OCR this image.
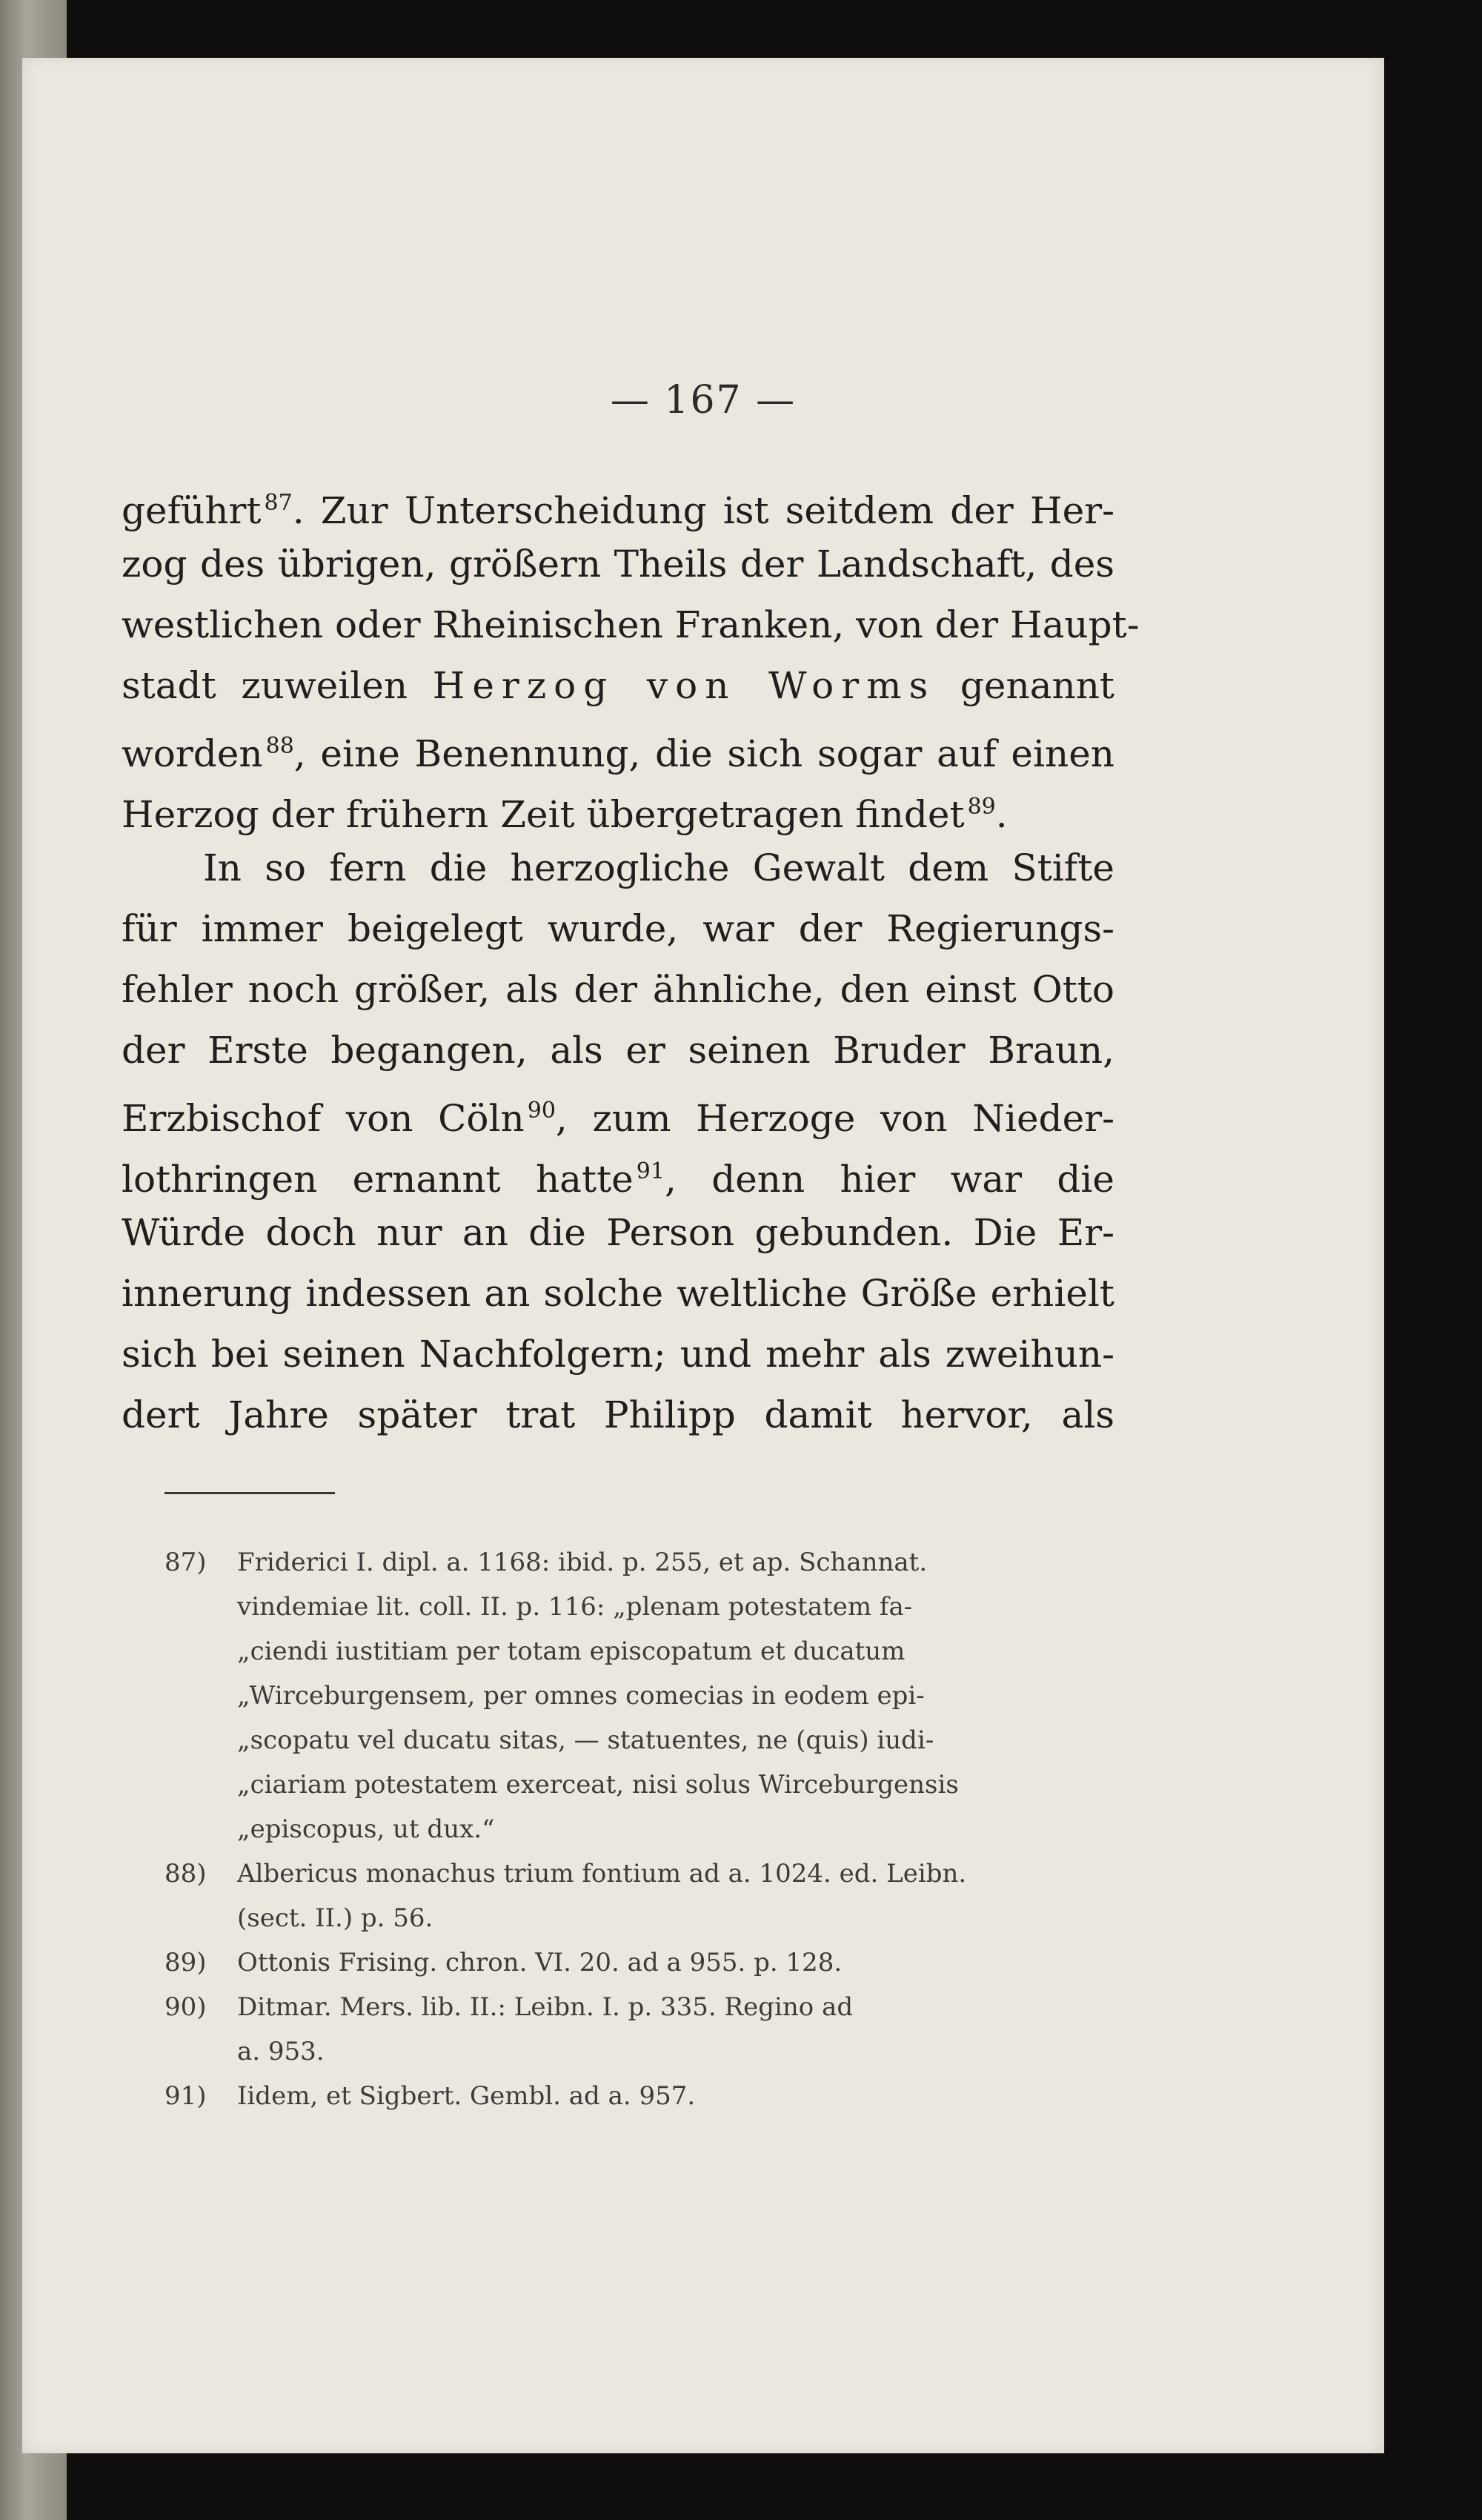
— 167 —
geführt $^{87}$. Zur Unterscheidung ist seitdem der Her-
zog des übrigen, größern Theils der Landschaft, des
westlichen oder Rheinischen Franken, von der Haupt-
stadt zuweilen Herzog von Worms genannt
worden $^{88}$, eine Benennung, die sich sogar auf einen
Herzog der frühern Zeit übergetragen findet $^{89}$.
In so fern die herzogliche Gewalt dem Stifte
für immer beigelegt wurde, war der Regierungs-
fehler noch größer, als der ähnliche, den einst Otto
der Erste begangen, als er seinen Bruder Braun,
Erzbischof von Cöln $^{90}$, zum Herzoge von Nieder-
lothringen ernannt hatte $^{91}$, denn hier war die
Würde doch nur an die Person gebunden. Die Er-
innerung indessen an solche weltliche Größe erhielt
sich bei seinen Nachfolgern; und mehr als zweihun-
dert Jahre später trat Philipp damit hervor, als
87) Friderici I. dipl. a. 1168: ibid. p. 255, et ap. Schannat.
vindemiae lit. coll. II. p. 116: „plenam potestatem fa-
„ciendi iustitiam per totam episcopatum et ducatum
„Wirceburgensem, per omnes comecias in eodem epi-
„scopatu vel ducatu sitas, — statuentes, ne (quis) iudi-
„ciariam potestatem exerceat, nisi solus Wirceburgensis
„episcopus, ut dux.“
88) Albericus monachus trium fontium ad a. 1024. ed. Leibn.
(sect. II.) p. 56.
89) Ottonis Frising. chron. VI. 20. ad a 955. p. 128.
90) Ditmar. Mers. lib. II.: Leibn. I. p. 335. Regino ad
a. 953.
91) Iidem, et Sigbert. Gembl. ad a. 957.
